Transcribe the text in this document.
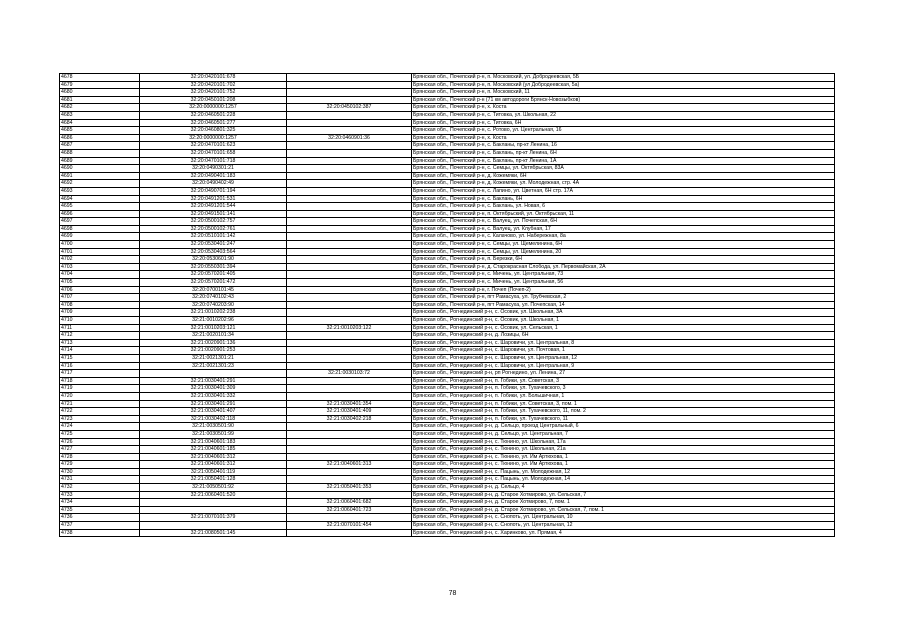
4678	32:20:0420101:678		Брянская обл., Почепский р-н, п. Московский, ул. Добродеевская, 5Б
4679	32:20:0420101:702		Брянская обл., Почепский р-н, п. Московский (ул Добродеевская, 5а)
4680	32:20:0420101:752		Брянская обл., Почепский р-н, п. Московский, 11
4681	32:20:0450101:208		Брянская обл., Почепский р-н (71 км автодороги Брянск-Новозыбков)
4682	32:20:0000000:1257	32:20:0450102:387	Брянская обл., Почепский р-н, х. Коста
4683	32:20:0460501:228		Брянская обл., Почепский р-н, с. Титовка, ул. Школьная, 22
4684	32:20:0460501:277		Брянская обл., Почепский р-н, с. Титовка, 6Н
4685	32:20:0460801:325		Брянская обл., Почепский р-н, с. Ротово, ул. Центральная, 16
4686	32:20:0000000:1257	32:20:0460901:36	Брянская обл., Почепский р-н, х. Коста
4687	32:20:0470101:623		Брянская обл., Почепский р-н, с. Бакланы, пр-кт Ленина, 16
4688	32:20:0470101:658		Брянская обл., Почепский р-н, с. Баклань, пр-кт Ленина, 6Н
4689	32:20:0470101:718		Брянская обл., Почепский р-н, с. Баклань, пр-кт Ленина, 1А
4690	32:20:0490301:21		Брянская обл., Почепский р-н, с. Семцы, ул. Октябрьская, 83А
4691	32:20:0490401:183		Брянская обл., Почепский р-н, д. Кожемяки, 6Н
4692	32:20:0490402:49		Брянская обл., Почепский р-н, д. Кожемяки, ул. Молодежная, стр. 4А
4693	32:20:0490701:194		Брянская обл., Почепский р-н, с. Лапино, ул. Цветная, 6Н стр. 17А
4694	32:20:0491201:531		Брянская обл., Почепский р-н, с. Баклань, 6Н
4695	32:20:0491201:544		Брянская обл., Почепский р-н, с. Баклань, ул. Новая, 6
4696	32:20:0491501:141		Брянская обл., Почепский р-н, п. Октябрьский, ул. Октябрьская, 11
4697	32:20:0500102:757		Брянская обл., Почепский р-н, с. Валуец, ул. Почепская, 6Н
4698	32:20:0500102:761		Брянская обл., Почепский р-н, с. Валуец, ул. Клубная, 17
4699	32:20:0510101:142		Брянская обл., Почепский р-н, с. Калачово, ул. Набережная, 8а
4700	32:20:0530401:247		Брянская обл., Почепский р-н, с. Семцы, ул. Щемелинина, 6Н
4701	32:20:0530403:564		Брянская обл., Почепский р-н, с. Семцы, ул. Щемелинина, 20
4702	32:20:0530601:90		Брянская обл., Почепский р-н, п. Березки, 6Н
4703	32:20:0550301:394		Брянская обл., Почепский р-н, д. Старокрасная Слобода, ул. Первомайская, 2А
4704	32:20:0570201:405		Брянская обл., Почепский р-н, с. Мичень, ул. Центральная, 73
4705	32:20:0570201:472		Брянская обл., Почепский р-н, с. Мичень, ул. Центральная, 56
4706	32:20:0700101:45		Брянская обл., Почепский р-н, г. Почеп (Почеп-2)
4707	32:20:0740102:43		Брянская обл., Почепский р-н, пгт Рамасуха, ул. Трубчевская, 2
4708	32:20:0740203:90		Брянская обл., Почепский р-н, пгт Рамасуха, ул. Почепская, 14
4709	32:21:0010202:238		Брянская обл., Рогнединский р-н, с. Осовик, ул. Школьная, 3А
4710	32:21:0010202:96		Брянская обл., Рогнединский р-н, с. Осовик, ул. Школьная, 1
4711	32:21:0010203:121	32:21:0010203:122	Брянская обл., Рогнединский р-н, с. Осовик, ул. Сельская, 1
4712	32:21:0020101:34		Брянская обл., Рогнединский р-н, д. Лозицы, 6Н
4713	32:21:0020901:136		Брянская обл., Рогнединский р-н, с. Шаровичи, ул. Центральная, 8
4714	32:21:0020901:253		Брянская обл., Рогнединский р-н, с. Шаровичи, ул. Почтовая, 1
4715	32:21:0021301:21		Брянская обл., Рогнединский р-н, с. Шаровичи, ул. Центральная, 12
4716	32:21:0021301:23		Брянская обл., Рогнединский р-н, с. Шаровичи, ул. Центральная, 9
4717		32:21:0030103:72	Брянская обл., Рогнединский р-н, рп Рогнедино, ул. Ленина, 27
4718	32:21:0030401:291		Брянская обл., Рогнединский р-н, п. Гобики, ул. Советская, 3
4719	32:21:0030401:309		Брянская обл., Рогнединский р-н, п. Гобики, ул. Тухачевского, 3
4720	32:21:0030401:332		Брянская обл., Рогнединский р-н, п. Гобики, ул. Большичная, 1
4721	32:21:0030401:291	32:21:0030401:354	Брянская обл., Рогнединский р-н, п. Гобики, ул. Советская, 3, пом. 1
4722	32:21:0030401:407	32:21:0030401:409	Брянская обл., Рогнединский р-н, п. Гобики, ул. Тухачевского, 11, пом. 2
4723	32:21:0030402:118	32:21:0030402:218	Брянская обл., Рогнединский р-н, п. Гобики, ул. Тухачевского, 11
4724	32:21:0030501:90		Брянская обл., Рогнединский р-н, д. Сельцо, проезд Центральный, 6
4725	32:21:0030501:99		Брянская обл., Рогнединский р-н, д. Сельцо, ул. Центральная, 7
4726	32:21:0040601:183		Брянская обл., Рогнединский р-н, с. Тюнино, ул. Школьная, 17а
4727	32:21:0040601:185		Брянская обл., Рогнединский р-н, с. Тюнино, ул. Школьная, 21а
4728	32:21:0040601:312		Брянская обл., Рогнединский р-н, с. Тюнино, ул. Им Артюхова, 1
4729	32:21:0040601:312	32:21:0040601:313	Брянская обл., Рогнединский р-н, с. Тюнино, ул. Им Артюхова, 1
4730	32:21:0050401:119		Брянская обл., Рогнединский р-н, с. Пацынь, ул. Молодежная, 12
4731	32:21:0050401:128		Брянская обл., Рогнединский р-н, с. Пацынь, ул. Молодежная, 14
4732	32:21:0050501:92	32:21:0050401:353	Брянская обл., Рогнединский р-н, д. Сельцо, 4
4733	32:21:0060401:520		Брянская обл., Рогнединский р-н, д. Старое Хотмирово, ул. Сельская, 7
4734		32:21:0060401:682	Брянская обл., Рогнединский р-н, д. Старое Хотмирово, 7, пом. 1
4735		32:21:0060401:723	Брянская обл., Рогнединский р-н, д. Старое Хотмирово, ул. Сельская, 7, пом. 1
4736	32:21:0070101:379		Брянская обл., Рогнединский р-н, с. Снопоть, ул. Центральная, 10
4737		32:21:0070101:454	Брянская обл., Рогнединский р-н, с. Снопоть, ул. Центральная, 12
4738	32:21:0080501:145		Брянская обл., Рогнединский р-н, с. Харинково, ул. Прямая, 4
78
